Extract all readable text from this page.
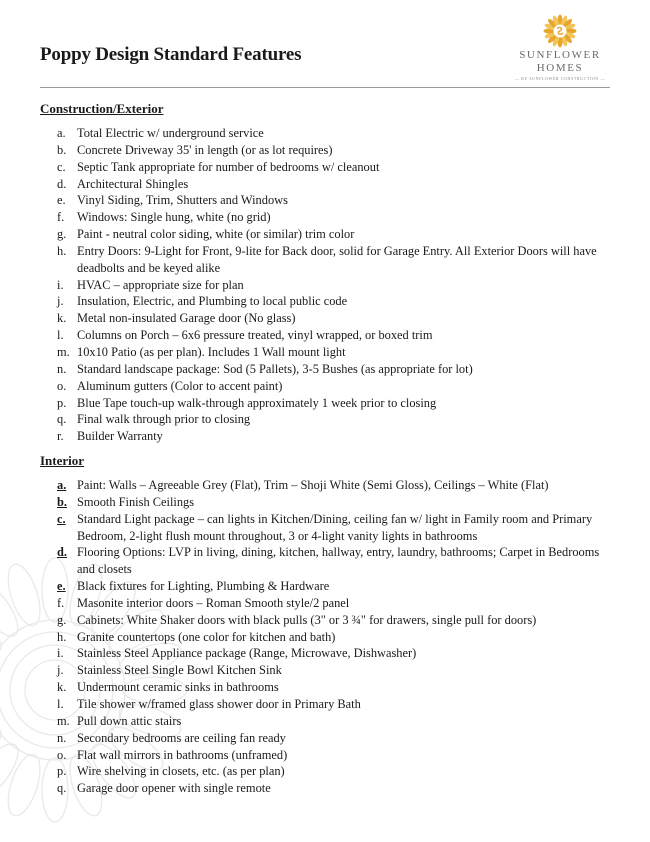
Poppy Design Standard Features	SUNFLOWER
HOMES
— BY SUNFLOWER CONSTRUCTION —
Construction/Exterior
a. Total Electric w/ underground service
b. Concrete Driveway 35' in length (or as lot requires)
c. Septic Tank appropriate for number of bedrooms w/ cleanout
d. Architectural Shingles
e. Vinyl Siding, Trim, Shutters and Windows
f. Windows: Single hung, white (no grid)
g. Paint - neutral color siding, white (or similar) trim color
h. Entry Doors: 9-Light for Front, 9-lite for Back door, solid for Garage Entry. All Exterior Doors will have deadbolts and be keyed alike
i. HVAC – appropriate size for plan
j. Insulation, Electric, and Plumbing to local public code
k. Metal non-insulated Garage door (No glass)
l. Columns on Porch – 6x6 pressure treated, vinyl wrapped, or boxed trim
m. 10x10 Patio (as per plan). Includes 1 Wall mount light
n. Standard landscape package: Sod (5 Pallets), 3-5 Bushes (as appropriate for lot)
o. Aluminum gutters (Color to accent paint)
p. Blue Tape touch-up walk-through approximately 1 week prior to closing
q. Final walk through prior to closing
r. Builder Warranty
Interior
a. Paint: Walls – Agreeable Grey (Flat), Trim – Shoji White (Semi Gloss), Ceilings – White (Flat)
b. Smooth Finish Ceilings
c. Standard Light package – can lights in Kitchen/Dining, ceiling fan w/ light in Family room and Primary Bedroom, 2-light flush mount throughout, 3 or 4-light vanity lights in bathrooms
d. Flooring Options: LVP in living, dining, kitchen, hallway, entry, laundry, bathrooms; Carpet in Bedrooms and closets
e. Black fixtures for Lighting, Plumbing & Hardware
f. Masonite interior doors – Roman Smooth style/2 panel
g. Cabinets: White Shaker doors with black pulls (3" or 3 ¾" for drawers, single pull for doors)
h. Granite countertops (one color for kitchen and bath)
i. Stainless Steel Appliance package (Range, Microwave, Dishwasher)
j. Stainless Steel Single Bowl Kitchen Sink
k. Undermount ceramic sinks in bathrooms
l. Tile shower w/framed glass shower door in Primary Bath
m. Pull down attic stairs
n. Secondary bedrooms are ceiling fan ready
o. Flat wall mirrors in bathrooms (unframed)
p. Wire shelving in closets, etc. (as per plan)
q. Garage door opener with single remote
